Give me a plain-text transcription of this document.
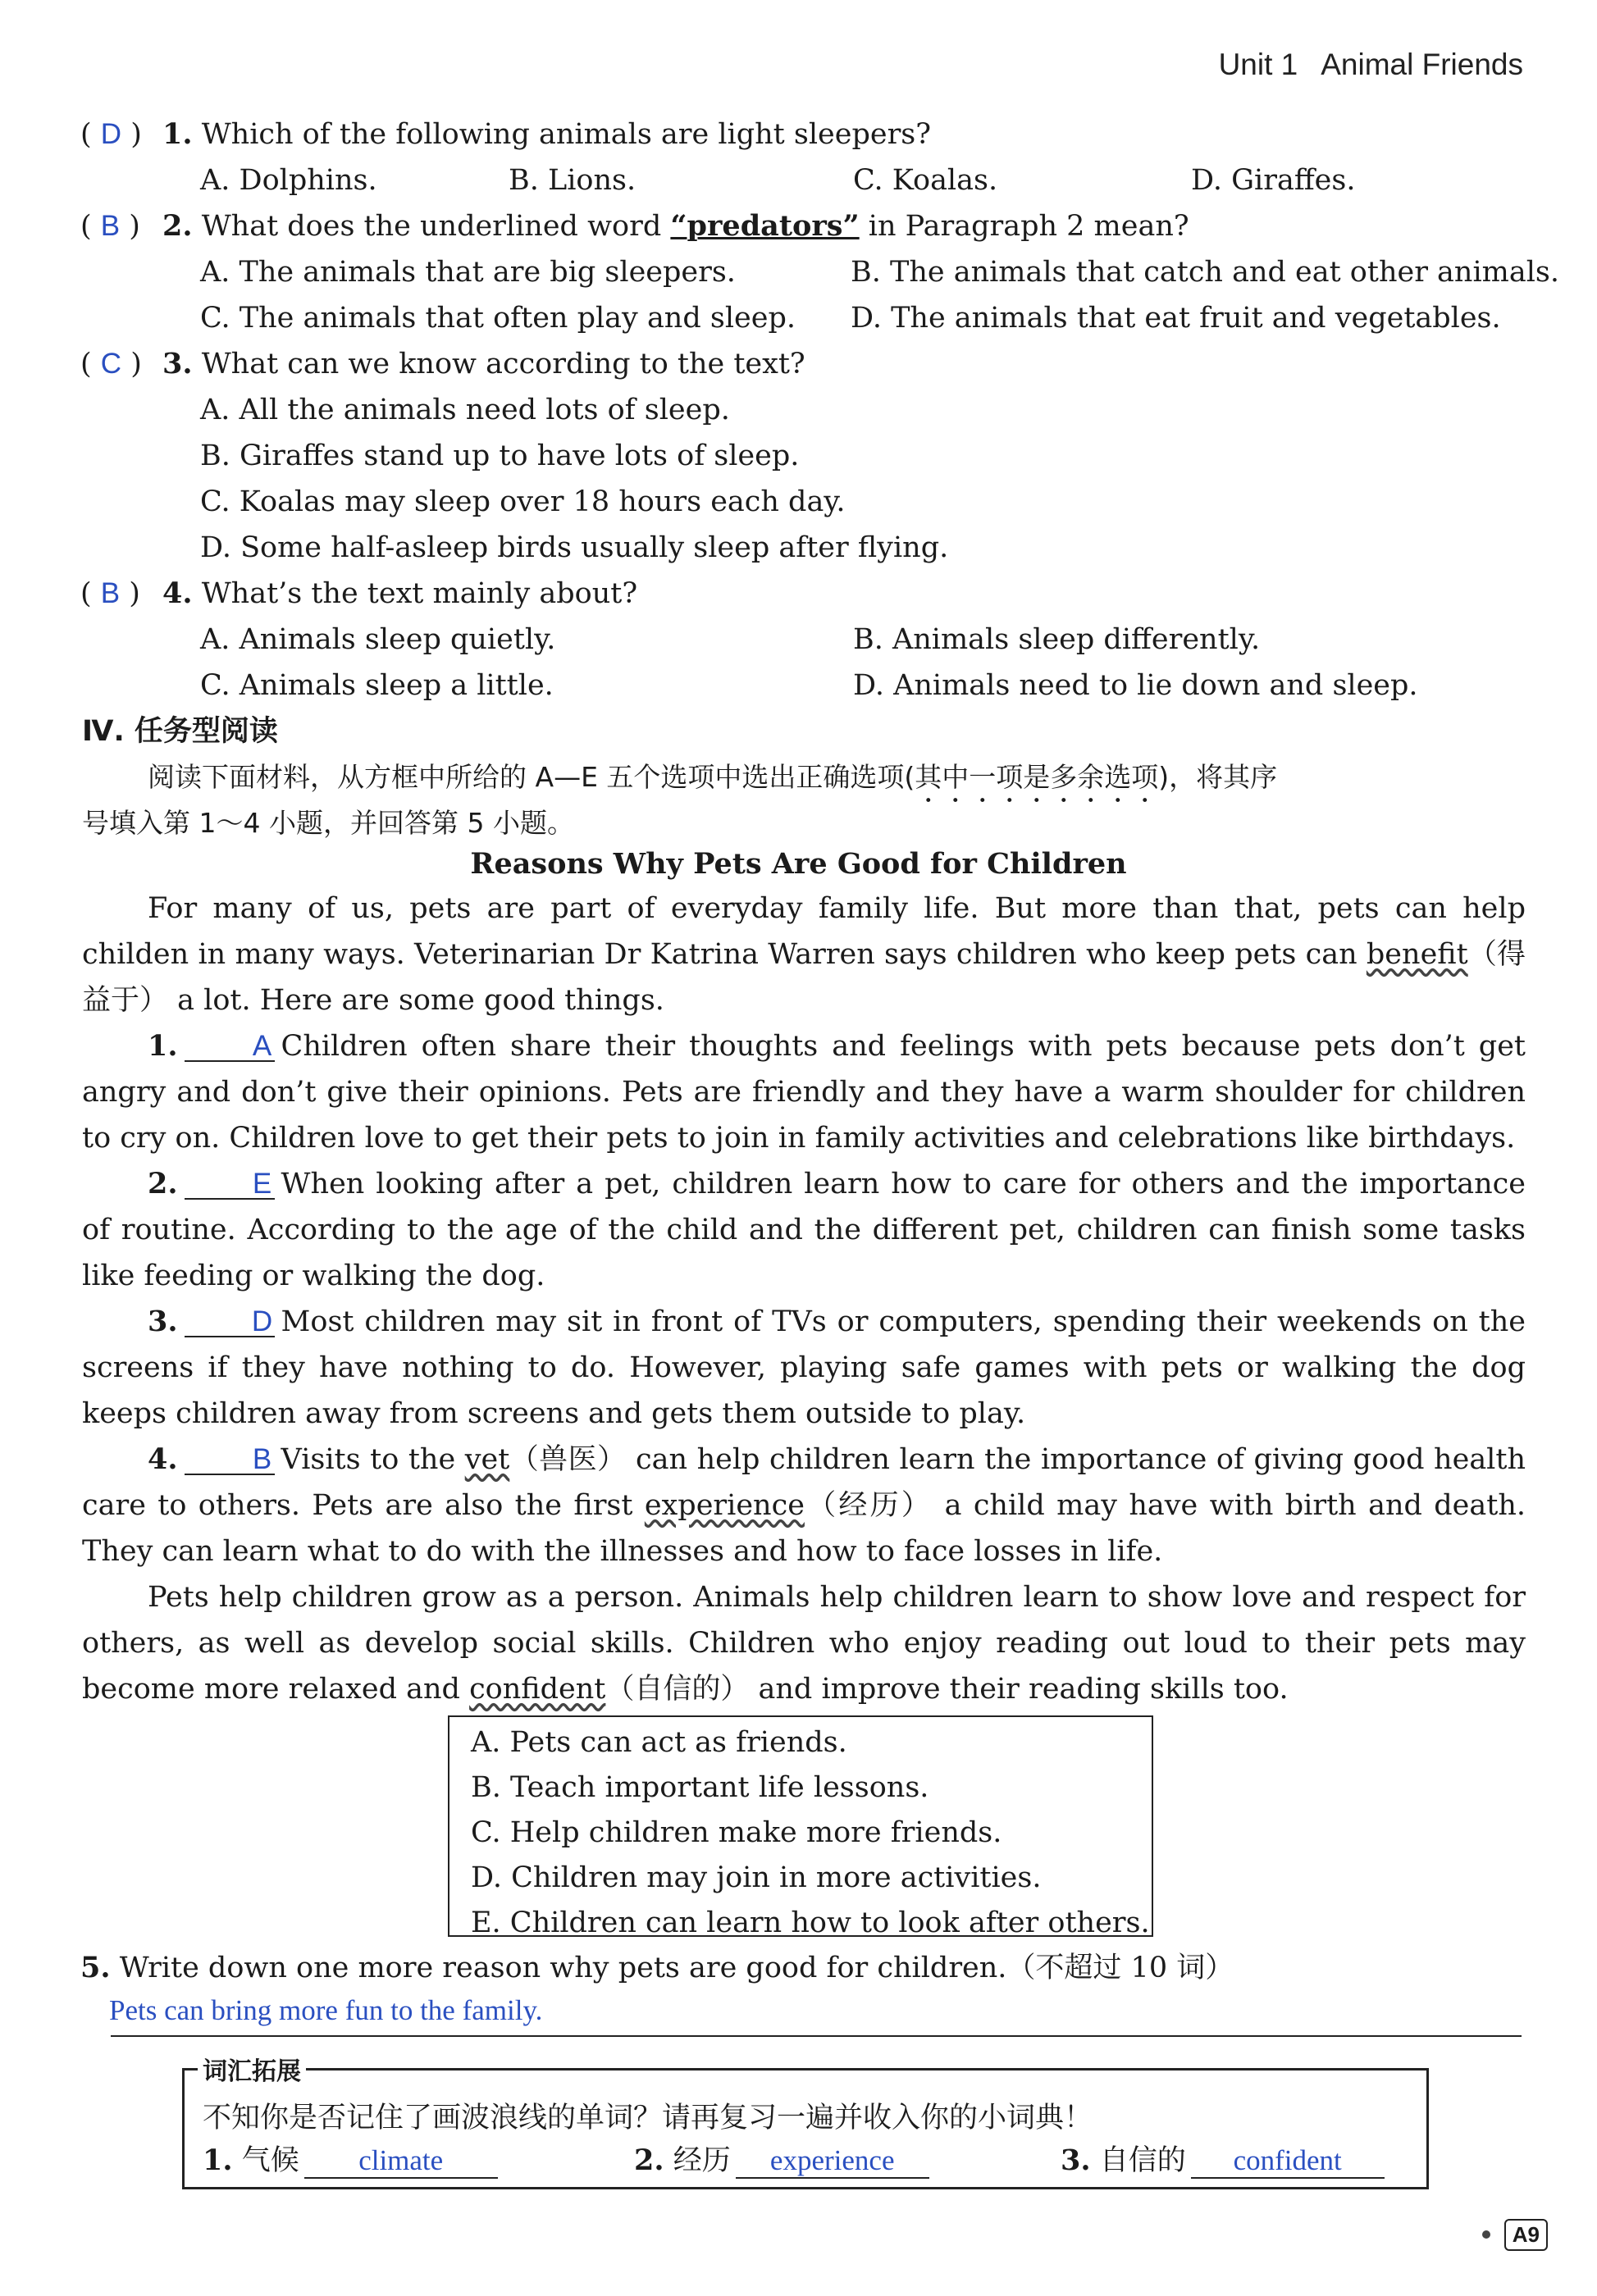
Unit 1 Animal Friends
( D ) 1. Which of the following animals are light sleepers?
A. Dolphins.	B. Lions.	C. Koalas.	D. Giraffes.
( B ) 2. What does the underlined word “predators” in Paragraph 2 mean?
A. The animals that are big sleepers.	B. The animals that catch and eat other animals.
C. The animals that often play and sleep. D. The animals that eat fruit and vegetables.
( C ) 3. What can we know according to the text?
A. All the animals need lots of sleep.
B. Giraffes stand up to have lots of sleep.
C. Koalas may sleep over 18 hours each day.
D. Some half-asleep birds usually sleep after flying.
( B ) 4. What’s the text mainly about?
A. Animals sleep quietly.	B. Animals sleep differently.
C. Animals sleep a little.	D. Animals need to lie down and sleep.
Ⅳ. 任务型阅读
阅读下面材料，从方框中所给的 A—E 五个选项中选出正确选项(其中一项是多余选项)，将其序
号填入第 1～4 小题，并回答第 5 小题。
Reasons Why Pets Are Good for Children
For many of us, pets are part of everyday family life. But more than that, pets can help childen in many ways. Veterinarian Dr Katrina Warren says children who keep pets can benefit（得益于） a lot. Here are some good things.
1.	A Children often share their thoughts and feelings with pets because pets don’t get angry and don’t give their opinions. Pets are friendly and they have a warm shoulder for children to cry on. Children love to get their pets to join in family activities and celebrations like birthdays.
2.	E When looking after a pet, children learn how to care for others and the importance of routine. According to the age of the child and the different pet, children can finish some tasks like feeding or walking the dog.
3.	D Most children may sit in front of TVs or computers, spending their weekends on the screens if they have nothing to do. However, playing safe games with pets or walking the dog keeps children away from screens and gets them outside to play.
4.	B Visits to the vet（兽医） can help children learn the importance of giving good health care to others. Pets are also the first experience（经历） a child may have with birth and death. They can learn what to do with the illnesses and how to face losses in life.
Pets help children grow as a person. Animals help children learn to show love and respect for others, as well as develop social skills. Children who enjoy reading out loud to their pets may become more relaxed and confident（自信的） and improve their reading skills too.
A. Pets can act as friends.
B. Teach important life lessons.
C. Help children make more friends.
D. Children may join in more activities.
E. Children can learn how to look after others.
5. Write down one more reason why pets are good for children.（不超过 10 词）
Pets can bring more fun to the family.
词汇拓展
不知你是否记住了画波浪线的单词？请再复习一遍并收入你的小词典！
1. 气候 climate	2. 经历 experience	3. 自信的 confident
A9
